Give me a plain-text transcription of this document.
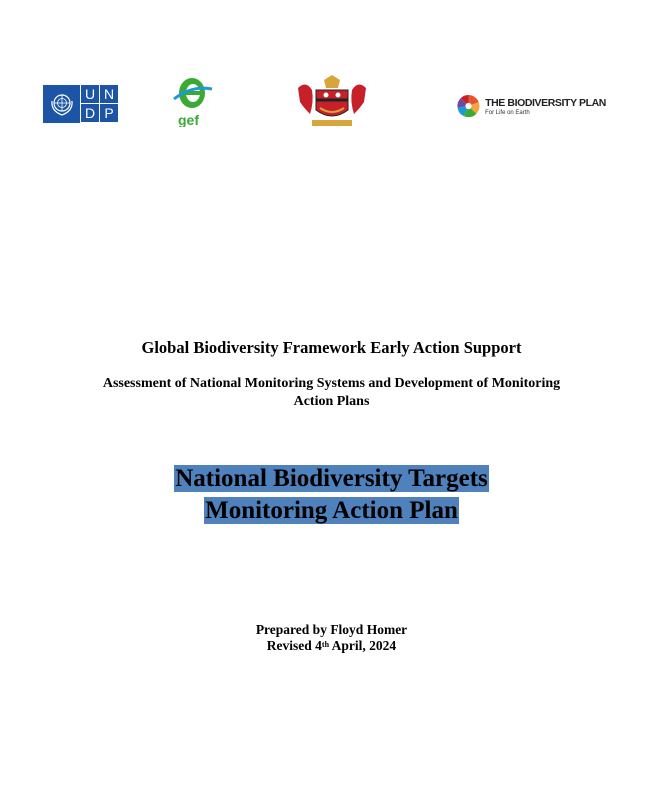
U N
D P	gef
THE BIODIVERSITY PLAN
For Life on Earth
Global Biodiversity Framework Early Action Support
Assessment of National Monitoring Systems and Development of Monitoring
Action Plans
National Biodiversity Targets
Monitoring Action Plan
Prepared by Floyd Homer
Revised 4th April, 2024
